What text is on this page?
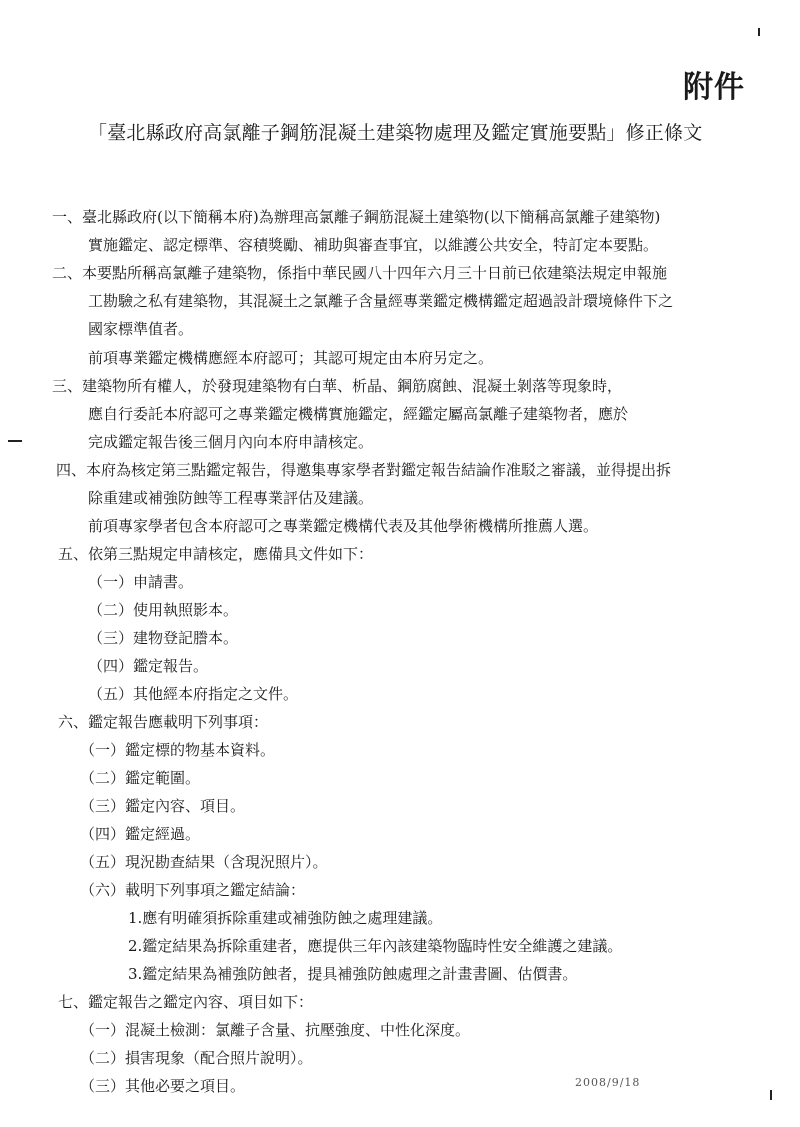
附件
「臺北縣政府高氯離子鋼筋混凝土建築物處理及鑑定實施要點」修正條文
一、臺北縣政府(以下簡稱本府)為辦理高氯離子鋼筋混凝土建築物(以下簡稱高氯離子建築物)
實施鑑定、認定標準、容積獎勵、補助與審查事宜，以維護公共安全，特訂定本要點。
二、本要點所稱高氯離子建築物，係指中華民國八十四年六月三十日前已依建築法規定申報施
工勘驗之私有建築物，其混凝土之氯離子含量經專業鑑定機構鑑定超過設計環境條件下之
國家標準值者。
前項專業鑑定機構應經本府認可；其認可規定由本府另定之。
三、建築物所有權人，於發現建築物有白華、析晶、鋼筋腐蝕、混凝土剝落等現象時，
應自行委託本府認可之專業鑑定機構實施鑑定，經鑑定屬高氯離子建築物者，應於
完成鑑定報告後三個月內向本府申請核定。
四、本府為核定第三點鑑定報告，得邀集專家學者對鑑定報告結論作准駁之審議，並得提出拆
除重建或補強防蝕等工程專業評估及建議。
前項專家學者包含本府認可之專業鑑定機構代表及其他學術機構所推薦人選。
五、依第三點規定申請核定，應備具文件如下：
（一）申請書。
（二）使用執照影本。
（三）建物登記謄本。
（四）鑑定報告。
（五）其他經本府指定之文件。
六、鑑定報告應載明下列事項：
（一）鑑定標的物基本資料。
（二）鑑定範圍。
（三）鑑定內容、項目。
（四）鑑定經過。
（五）現況勘查結果（含現況照片）。
（六）載明下列事項之鑑定結論：
1.應有明確須拆除重建或補強防蝕之處理建議。
2.鑑定結果為拆除重建者，應提供三年內該建築物臨時性安全維護之建議。
3.鑑定結果為補強防蝕者，提具補強防蝕處理之計畫書圖、估價書。
七、鑑定報告之鑑定內容、項目如下：
（一）混凝土檢測：氯離子含量、抗壓強度、中性化深度。
（二）損害現象（配合照片說明）。
（三）其他必要之項目。	2008/9/18
